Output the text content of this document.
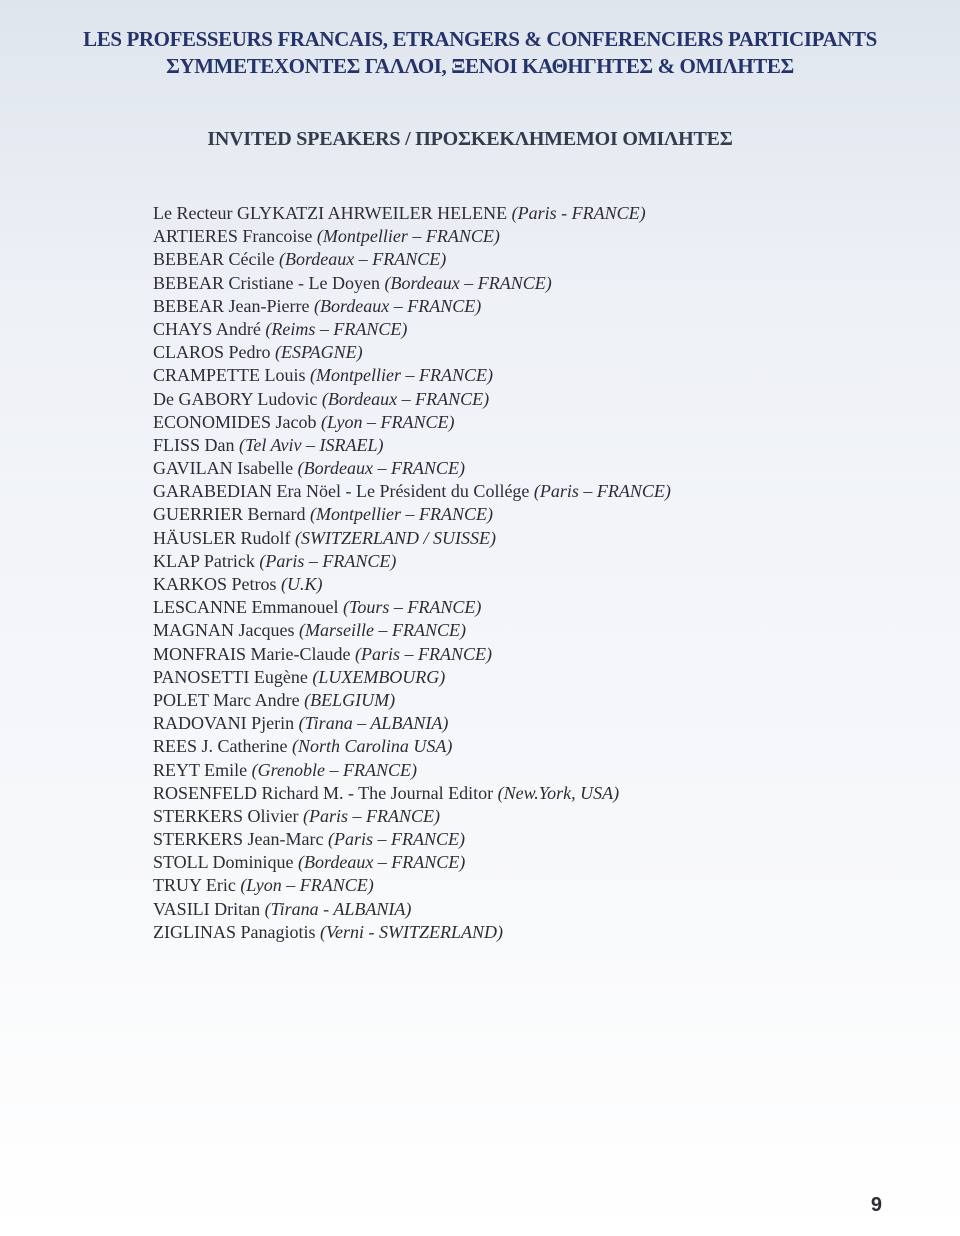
LES PROFESSEURS FRANCAIS, ETRANGERS & CONFERENCIERS PARTICIPANTS
ΣΥΜΜΕΤΕΧΟΝΤΕΣ ΓΑΛΛΟΙ, ΞΕΝΟΙ ΚΑΘΗΓΗΤΕΣ & ΟΜΙΛΗΤΕΣ
INVITED SPEAKERS / ΠΡΟΣΚΕΚΛΗΜΕΜΟΙ ΟΜΙΛΗΤΕΣ
Le Recteur GLYKATZI AHRWEILER HELENE (Paris - FRANCE)
ARTIERES Francoise (Montpellier – FRANCE)
BEBEAR Cécile (Bordeaux – FRANCE)
BEBEAR Cristiane - Le Doyen (Bordeaux – FRANCE)
BEBEAR Jean-Pierre (Bordeaux – FRANCE)
CHAYS André (Reims – FRANCE)
CLAROS Pedro (ESPAGNE)
CRAMPETTE Louis (Montpellier – FRANCE)
De GABORY Ludovic (Bordeaux – FRANCE)
ECONOMIDES Jacob (Lyon – FRANCE)
FLISS Dan (Tel Aviv – ISRAEL)
GAVILAN Isabelle (Bordeaux – FRANCE)
GARABEDIAN Era Nöel - Le Président du Collége (Paris – FRANCE)
GUERRIER Bernard (Montpellier – FRANCE)
HÄUSLER Rudolf (SWITZERLAND / SUISSE)
KLAP Patrick (Paris – FRANCE)
KARKOS Petros (U.K)
LESCANNE Emmanouel (Tours – FRANCE)
MAGNAN Jacques (Marseille – FRANCE)
MONFRAIS Marie-Claude (Paris – FRANCE)
PANOSETTI Eugène (LUXEMBOURG)
POLET Marc Andre (BELGIUM)
RADOVANI Pjerin (Tirana – ALBANIA)
REES J. Catherine (North Carolina USA)
REYT Emile (Grenoble – FRANCE)
ROSENFELD Richard M. - The Journal Editor (New.York, USA)
STERKERS Olivier (Paris – FRANCE)
STERKERS Jean-Marc (Paris – FRANCE)
STOLL Dominique (Bordeaux – FRANCE)
TRUY Eric (Lyon – FRANCE)
VASILI Dritan (Tirana - ALBANIA)
ZIGLINAS Panagiotis (Verni - SWITZERLAND)
9
